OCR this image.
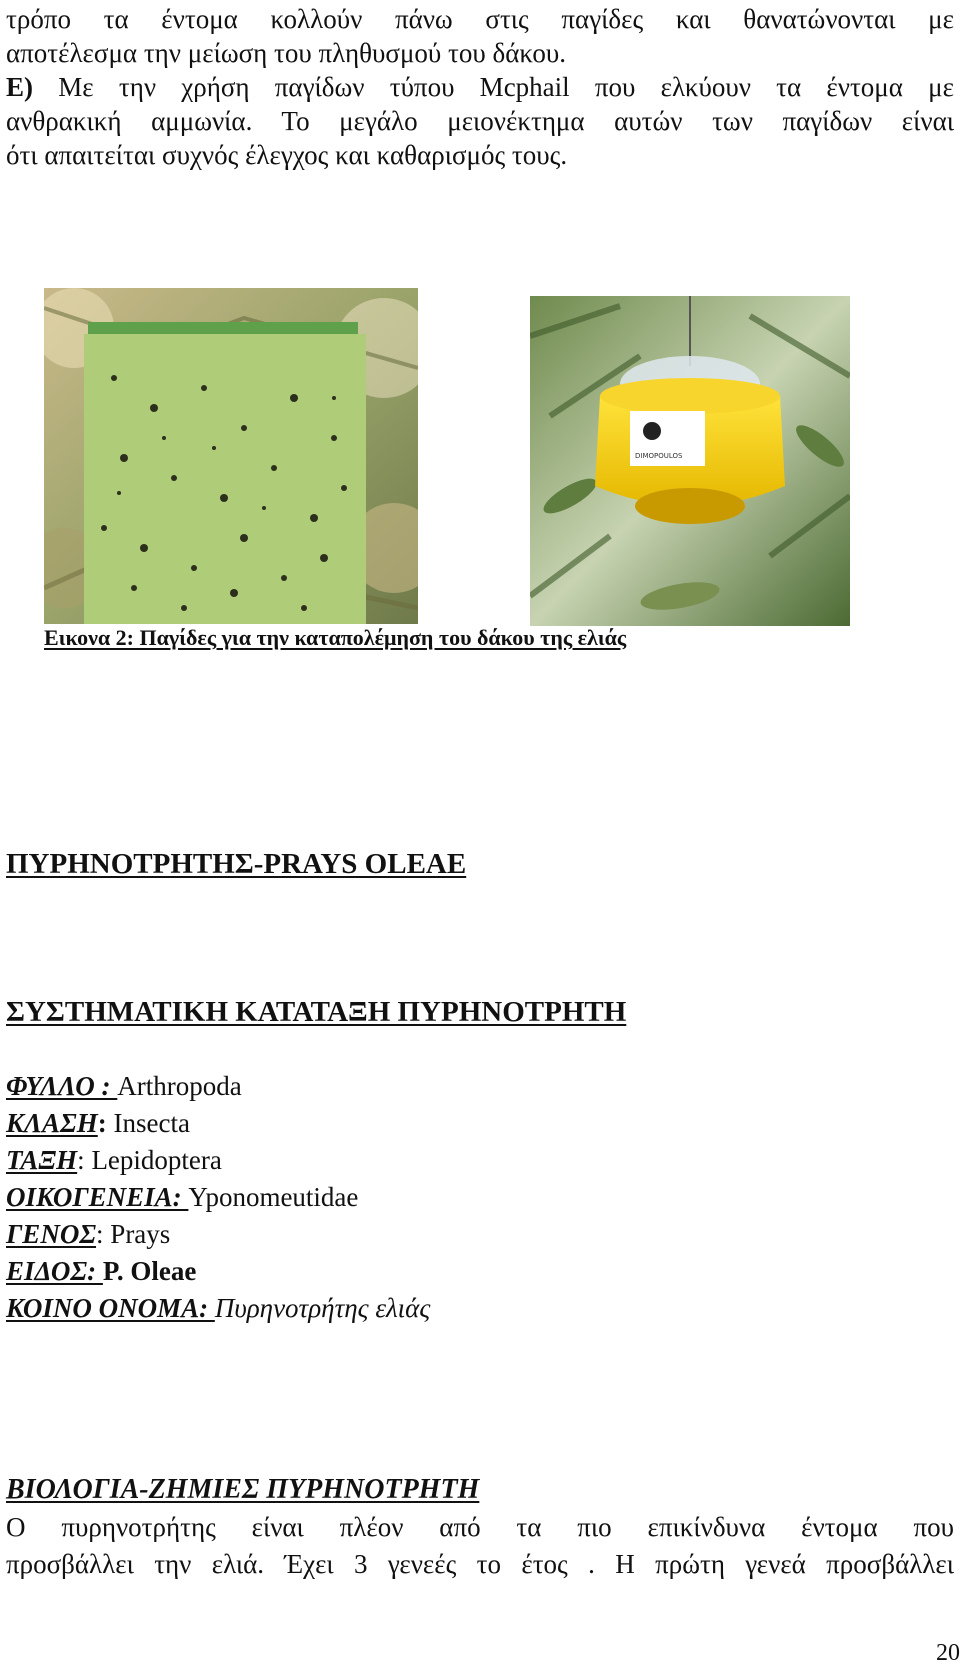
τρόπο τα έντομα κολλούν πάνω στις παγίδες και θανατώνονται με
αποτέλεσμα την μείωση του πληθυσμού του δάκου.
Ε) Με την χρήση παγίδων τύπου Mcphail που ελκύουν τα έντομα με
ανθρακική αμμωνία. Το μεγάλο μειονέκτημα αυτών των παγίδων είναι
ότι απαιτείται συχνός έλεγχος και καθαρισμός τους.
DIMOPOULOS
Εικονα 2: Παγίδες για την καταπολέμηση του δάκου της ελιάς
ΠΥΡΗΝΟΤΡΗΤΗΣ-PRAYS OLEAE
ΣΥΣΤΗΜΑΤΙΚΗ ΚΑΤΑΤΑΞΗ ΠΥΡΗΝΟΤΡΗΤΗ
ΦΥΛΛΟ : Arthropoda
ΚΛΑΣΗ: Insecta
ΤΑΞΗ: Lepidoptera
ΟΙΚΟΓΕΝΕΙΑ: Yponomeutidae
ΓΕΝΟΣ: Prays
ΕΙΔΟΣ: P. Oleae
ΚΟΙΝΟ ΟΝΟΜΑ: Πυρηνοτρήτης ελιάς
ΒΙΟΛΟΓΙΑ-ΖΗΜΙΕΣ ΠΥΡΗΝΟΤΡΗΤΗ
Ο πυρηνοτρήτης είναι πλέον από τα πιο επικίνδυνα έντομα που
προσβάλλει την ελιά. Έχει 3 γενεές το έτος . Η πρώτη γενεά προσβάλλει
20
